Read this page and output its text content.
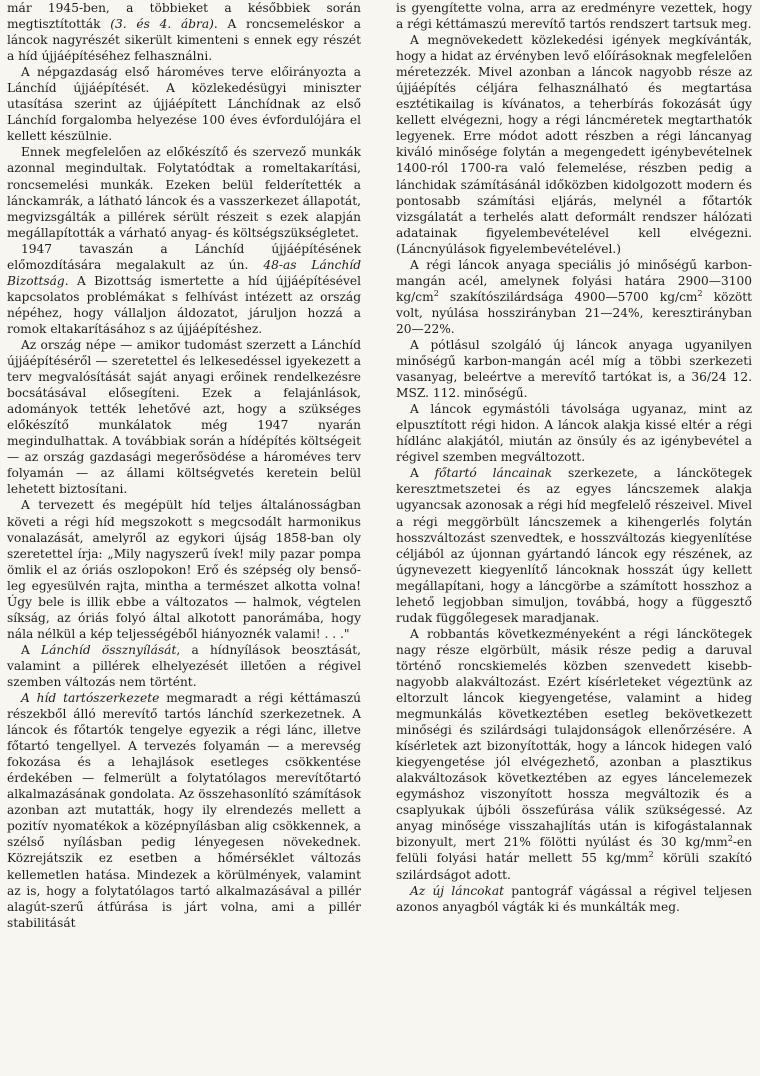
már 1945-ben, a többieket a későbbiek során megtisztították (3. és 4. ábra). A roncsemeléskor a láncok nagyrészét sikerült kimenteni s ennek egy részét a híd újjáépítéséhez felhasználni.

A népgazdaság első hároméves terve előirányozta a Lánchíd újjáépítését. A közlekedésügyi miniszter utasítása szerint az újjáépített Lánchídnak az első Lánchíd forgalomba helyezése 100 éves évfordulójára el kellett készülnie.

Ennek megfelelően az előkészítő és szervező munkák azonnal megindultak. Folytatódtak a romeltakarítási, roncsemelési munkák. Ezeken belül felderítették a lánckamrák, a látható láncok és a vasszerkezet állapotát, megvizsgálták a pillérek sérült részeit s ezek alapján megállapították a várható anyag- és költségszükségletet.

1947 tavaszán a Lánchíd újjáépítésének előmozdítására megalakult az ún. 48-as Lánchíd Bizottság. A Bizottság ismertette a híd újjáépítésével kapcsolatos problémákat s felhívást intézett az ország népéhez, hogy vállaljon áldozatot, járuljon hozzá a romok eltakarításához s az újjáépítéshez.

Az ország népe — amikor tudomást szerzett a Lánchíd újjáépítéséről — szeretettel és lelkesedéssel igyekezett a terv megvalósítását saját anyagi erőinek rendelkezésre bocsátásával elősegíteni. Ezek a felajánlások, adományok tették lehetővé azt, hogy a szükséges előkészítő munkálatok még 1947 nyarán megindulhattak. A továbbiak során a hídépítés költségeit — az ország gazdasági megerősödése a hároméves terv folyamán — az állami költségvetés keretein belül lehetett biztosítani.

A tervezett és megépült híd teljes általánosságban követi a régi híd megszokott s megcsodált harmonikus vonalazását, amelyről az egykori újság 1858-ban oly szeretettel írja: „Mily nagyszerű ívek! mily pazar pompa ömlik el az óriás oszlopokon! Erő és szépség oly bensőleg egyesülvén rajta, mintha a természet alkotta volna! Úgy bele is illik ebbe a változatos — halmok, végtelen síkság, az óriás folyó által alkotott panorámába, hogy nála nélkül a kép teljességéből hiányoznék valami! . . ."

A Lánchíd össznyílását, a hídnyílások beosztását, valamint a pillérek elhelyezését illetően a régivel szemben változás nem történt.

A híd tartószerkezete megmaradt a régi kéttámaszú részekből álló merevítő tartós lánchíd szerkezetnek. A láncok és főtartók tengelye egyezik a régi lánc, illetve főtartó tengellyel. A tervezés folyamán — a merevség fokozása és a lehajlások esetleges csökkentése érdekében — felmerült a folytatólagos merevítőtartó alkalmazásának gondolata. Az összehasonlító számítások azonban azt mutatták, hogy ily elrendezés mellett a pozitív nyomatékok a középnyílásban alig csökkennek, a szélső nyílásban pedig lényegesen növekednek. Közrejátszik ez esetben a hőmérséklet változás kellemetlen hatása. Mindezek a körülmények, valamint az is, hogy a folytatólagos tartó alkalmazásával a pillér alagút-szerű átfúrása is járt volna, ami a pillér stabilitását

is gyengítette volna, arra az eredményre vezettek, hogy a régi kéttámaszú merevítő tartós rendszert tartsuk meg.

A megnövekedett közlekedési igények megkívánták, hogy a hidat az érvényben levő előírásoknak megfelelően méretezzék. Mivel azonban a láncok nagyobb része az újjáépítés céljára felhasználható és megtartása esztétikailag is kívánatos, a teherbírás fokozását úgy kellett elvégezni, hogy a régi láncméretek megtarthatók legyenek. Erre módot adott részben a régi láncanyag kiváló minősége folytán a megengedett igénybevételnek 1400-ról 1700-ra való felemelése, részben pedig a lánchidak számításánál időközben kidolgozott modern és pontosabb számítási eljárás, melynél a főtartók vizsgálatát a terhelés alatt deformált rendszer hálózati adatainak figyelembevételével kell elvégezni. (Láncnyúlások figyelembevételével.)

A régi láncok anyaga speciális jó minőségű karbon-mangán acél, amelynek folyási határa 2900—3100 $kg/cm^2$ szakítószilárdsága 4900—5700 $kg/cm^2$ között volt, nyúlása hosszirányban 21—24%, keresztirányban 20—22%.

A pótlásul szolgáló új láncok anyaga ugyanilyen minőségű karbon-mangán acél míg a többi szerkezeti vasanyag, beleértve a merevítő tartókat is, a 36/24 12. MSZ. 112. minőségű.

A láncok egymástóli távolsága ugyanaz, mint az elpusztított régi hidon. A láncok alakja kissé eltér a régi hídlánc alakjától, miután az önsúly és az igénybevétel a régivel szemben megváltozott.

A főtartó láncainak szerkezete, a lánckötegek keresztmetszetei és az egyes láncszemek alakja ugyancsak azonosak a régi híd megfelelő részeivel. Mivel a régi meggörbült láncszemek a kihengerlés folytán hosszváltozást szenvedtek, e hosszváltozás kiegyenlítése céljából az újonnan gyártandó láncok egy részének, az úgynevezett kiegyenlítő láncoknak hosszát úgy kellett megállapítani, hogy a láncgörbe a számított hosszhoz a lehető legjobban simuljon, továbbá, hogy a függesztő rudak függőlegesek maradjanak.

A robbantás következményeként a régi lánckötegek nagy része elgörbült, másik része pedig a daruval történő roncskiemelés közben szenvedett kisebb-nagyobb alakváltozást. Ezért kísérleteket végeztünk az eltorzult láncok kiegyengetése, valamint a hideg megmunkálás következtében esetleg bekövetkezett minőségi és szilárdsági tulajdonságok ellenőrzésére. A kísérletek azt bizonyították, hogy a láncok hidegen való kiegyengetése jól elvégezhető, azonban a plasztikus alakváltozások következtében az egyes láncelemezek egymáshoz viszonyított hossza megváltozik és a csaplyukak újbóli összefúrása válik szükségessé. Az anyag minősége visszahajlítás után is kifogástalannak bizonyult, mert 21% fölötti nyúlást és 30 $kg/mm^2-en$ felüli folyási határ mellett 55 $kg/mm^2$ körüli szakító szilárdságot adott.

Az új láncokat pantográf vágással a régivel teljesen azonos anyagból vágták ki és munkálták meg.
